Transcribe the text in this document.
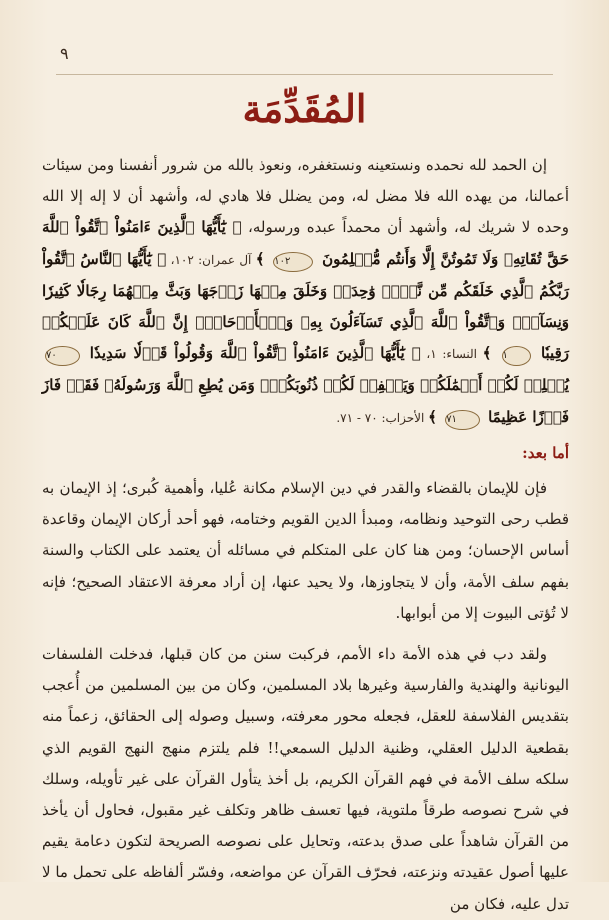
٩
المُقَدِّمَة

إن الحمد لله نحمده ونستعينه ونستغفره، ونعوذ بالله من شرور أنفسنا ومن سيئات أعمالنا، من يهده الله فلا مضل له، ومن يضلل فلا هادي له، وأشهد أن لا إله إلا الله وحده لا شريك له، وأشهد أن محمداً عبده ورسوله، ﴿ يَٰٓأَيُّهَا ٱلَّذِينَ ءَامَنُواْ ٱتَّقُواْ ٱللَّهَ حَقَّ تُقَاتِهِۦ وَلَا تَمُوتُنَّ إِلَّا وَأَنتُم مُّسۡلِمُونَ ١٠٢ ﴾ آل عمران: ١٠٢، ﴿ يَٰٓأَيُّهَا ٱلنَّاسُ ٱتَّقُواْ رَبَّكُمُ ٱلَّذِي خَلَقَكُم مِّن نَّفۡسٖ وَٰحِدَةٖ وَخَلَقَ مِنۡهَا زَوۡجَهَا وَبَثَّ مِنۡهُمَا رِجَالٗا كَثِيرٗا وَنِسَآءٗۚ وَٱتَّقُواْ ٱللَّهَ ٱلَّذِي تَسَآءَلُونَ بِهِۦ وَٱلۡأَرۡحَامَۚ إِنَّ ٱللَّهَ كَانَ عَلَيۡكُمۡ رَقِيبٗا ١ ﴾ النساء: ١، ﴿ يَٰٓأَيُّهَا ٱلَّذِينَ ءَامَنُواْ ٱتَّقُواْ ٱللَّهَ وَقُولُواْ قَوۡلٗا سَدِيدٗا ٧٠ يُصۡلِحۡ لَكُمۡ أَعۡمَٰلَكُمۡ وَيَغۡفِرۡ لَكُمۡ ذُنُوبَكُمۡۗ وَمَن يُطِعِ ٱللَّهَ وَرَسُولَهُۥ فَقَدۡ فَازَ فَوۡزًا عَظِيمًا ٧١ ﴾ الأحزاب: ٧٠ - ٧١.

أما بعد:

فإن للإيمان بالقضاء والقدر في دين الإسلام مكانة عُليا، وأهمية كُبرى؛ إذ الإيمان به قطب رحى التوحيد ونظامه، ومبدأ الدين القويم وختامه، فهو أحد أركان الإيمان وقاعدة أساس الإحسان؛ ومن هنا كان على المتكلم في مسائله أن يعتمد على الكتاب والسنة بفهم سلف الأمة، وأن لا يتجاوزها، ولا يحيد عنها، إن أراد معرفة الاعتقاد الصحيح؛ فإنه لا تُؤتى البيوت إلا من أبوابها.

ولقد دب في هذه الأمة داء الأمم، فركبت سنن من كان قبلها، فدخلت الفلسفات اليونانية والهندية والفارسية وغيرها بلاد المسلمين، وكان من بين المسلمين من أُعجب بتقديس الفلاسفة للعقل، فجعله محور معرفته، وسبيل وصوله إلى الحقائق، زعماً منه بقطعية الدليل العقلي، وظنية الدليل السمعي!! فلم يلتزم منهج النهج القويم الذي سلكه سلف الأمة في فهم القرآن الكريم، بل أخذ يتأول القرآن على غير تأويله، وسلك في شرح نصوصه طرقاً ملتوية، فيها تعسف ظاهر وتكلف غير مقبول، فحاول أن يأخذ من القرآن شاهداً على صدق بدعته، وتحايل على نصوصه الصريحة لتكون دعامة يقيم عليها أصول عقيدته ونزعته، فحرّف القرآن عن مواضعه، وفسّر ألفاظه على تحمل ما لا تدل عليه، فكان من
